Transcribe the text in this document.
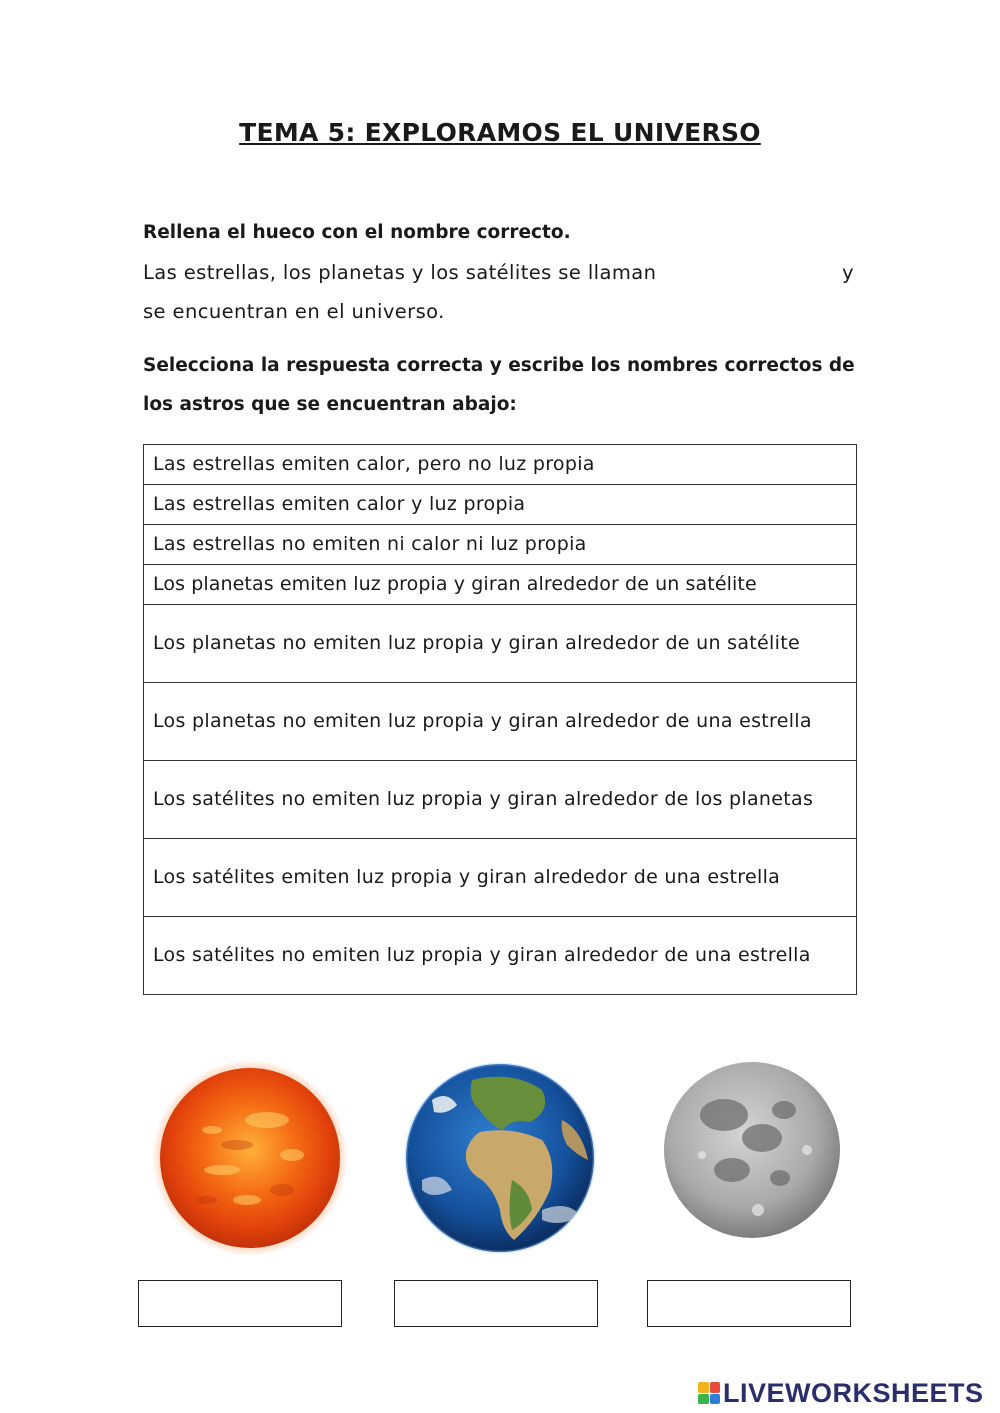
TEMA 5: EXPLORAMOS EL UNIVERSO
Rellena el hueco con el nombre correcto.
Las estrellas, los planetas y los satélites se llaman	y
se encuentran en el universo.
Selecciona la respuesta correcta y escribe los nombres correctos de los astros que se encuentran abajo:
Las estrellas emiten calor, pero no luz propia
Las estrellas emiten calor y luz propia
Las estrellas no emiten ni calor ni luz propia
Los planetas emiten luz propia y giran alrededor de un satélite
Los planetas no emiten luz propia y giran alrededor de un satélite
Los planetas no emiten luz propia y giran alrededor de una estrella
Los satélites no emiten luz propia y giran alrededor de los planetas
Los satélites emiten luz propia y giran alrededor de una estrella
Los satélites no emiten luz propia y giran alrededor de una estrella
LIVEWORKSHEETS
